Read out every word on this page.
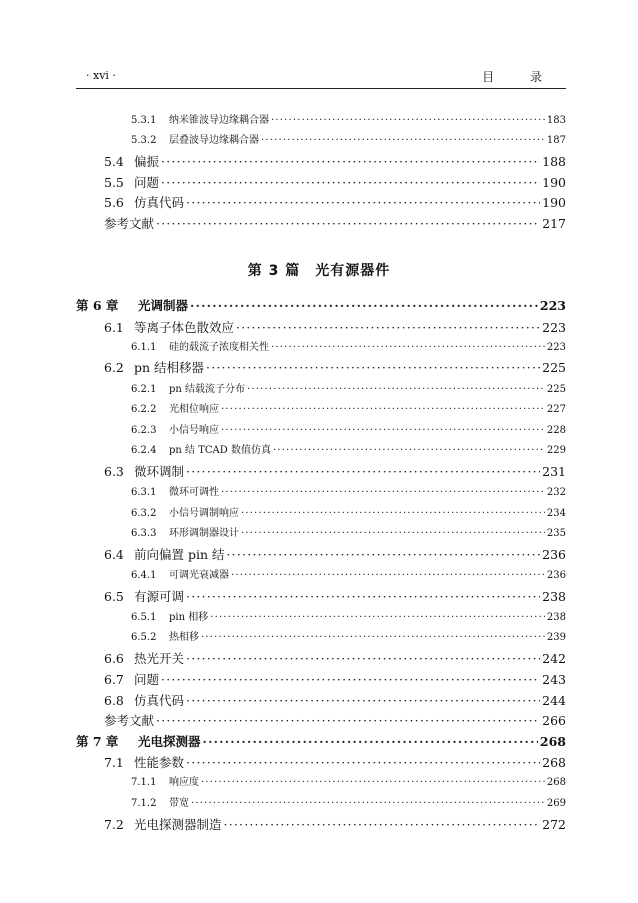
· xvi ·	目 录
第 3 篇　光有源器件
5.3.1	纳米锥波导边缘耦合器 ·····	183
5.3.2	层叠波导边缘耦合器 ·····	187
5.4 偏振 ·····	188
5.5 问题 ·····	190
5.6 仿真代码 ·····	190
参考文献 ·····	217
第 6 章	光调制器 ·····	223
6.1 等离子体色散效应 ·····	223
6.1.1	硅的载流子浓度相关性 ·····	223
6.2 pn 结相移器 ·····	225
6.2.1	pn 结载流子分布 ·····	225
6.2.2	光相位响应 ·····	227
6.2.3	小信号响应 ·····	228
6.2.4	pn 结 TCAD 数值仿真 ·····	229
6.3 微环调制 ·····	231
6.3.1	微环可调性 ·····	232
6.3.2	小信号调制响应 ·····	234
6.3.3	环形调制器设计 ·····	235
6.4 前向偏置 pin 结 ·····	236
6.4.1	可调光衰减器 ·····	236
6.5 有源可调 ·····	238
6.5.1	pin 相移 ·····	238
6.5.2	热相移 ·····	239
6.6 热光开关 ·····	242
6.7 问题 ·····	243
6.8 仿真代码 ·····	244
参考文献 ·····	266
第 7 章	光电探测器 ·····	268
7.1 性能参数 ·····	268
7.1.1	响应度 ·····	268
7.1.2	带宽 ·····	269
7.2 光电探测器制造 ·····	272
